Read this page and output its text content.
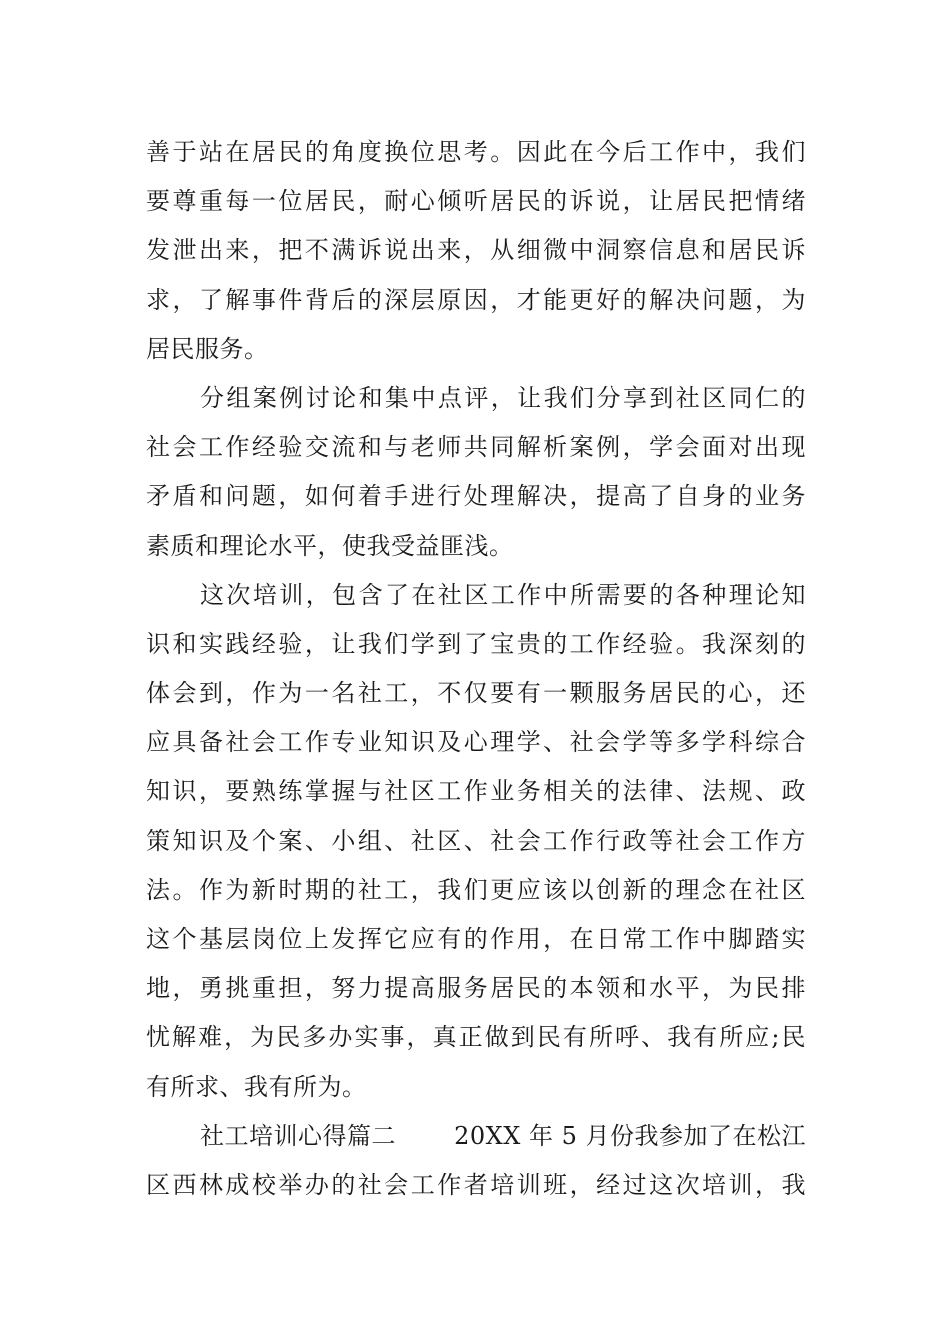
善于站在居民的角度换位思考。因此在今后工作中，我们
要尊重每一位居民，耐心倾听居民的诉说，让居民把情绪
发泄出来，把不满诉说出来，从细微中洞察信息和居民诉
求，了解事件背后的深层原因，才能更好的解决问题，为
居民服务。
分组案例讨论和集中点评，让我们分享到社区同仁的
社会工作经验交流和与老师共同解析案例，学会面对出现
矛盾和问题，如何着手进行处理解决，提高了自身的业务
素质和理论水平，使我受益匪浅。
这次培训，包含了在社区工作中所需要的各种理论知
识和实践经验，让我们学到了宝贵的工作经验。我深刻的
体会到，作为一名社工，不仅要有一颗服务居民的心，还
应具备社会工作专业知识及心理学、社会学等多学科综合
知识，要熟练掌握与社区工作业务相关的法律、法规、政
策知识及个案、小组、社区、社会工作行政等社会工作方
法。作为新时期的社工，我们更应该以创新的理念在社区
这个基层岗位上发挥它应有的作用，在日常工作中脚踏实
地，勇挑重担，努力提高服务居民的本领和水平，为民排
忧解难，为民多办实事，真正做到民有所呼、我有所应;民
有所求、我有所为。
社工培训心得篇二 20XX 年 5 月份我参加了在松江
区西林成校举办的社会工作者培训班，经过这次培训，我
